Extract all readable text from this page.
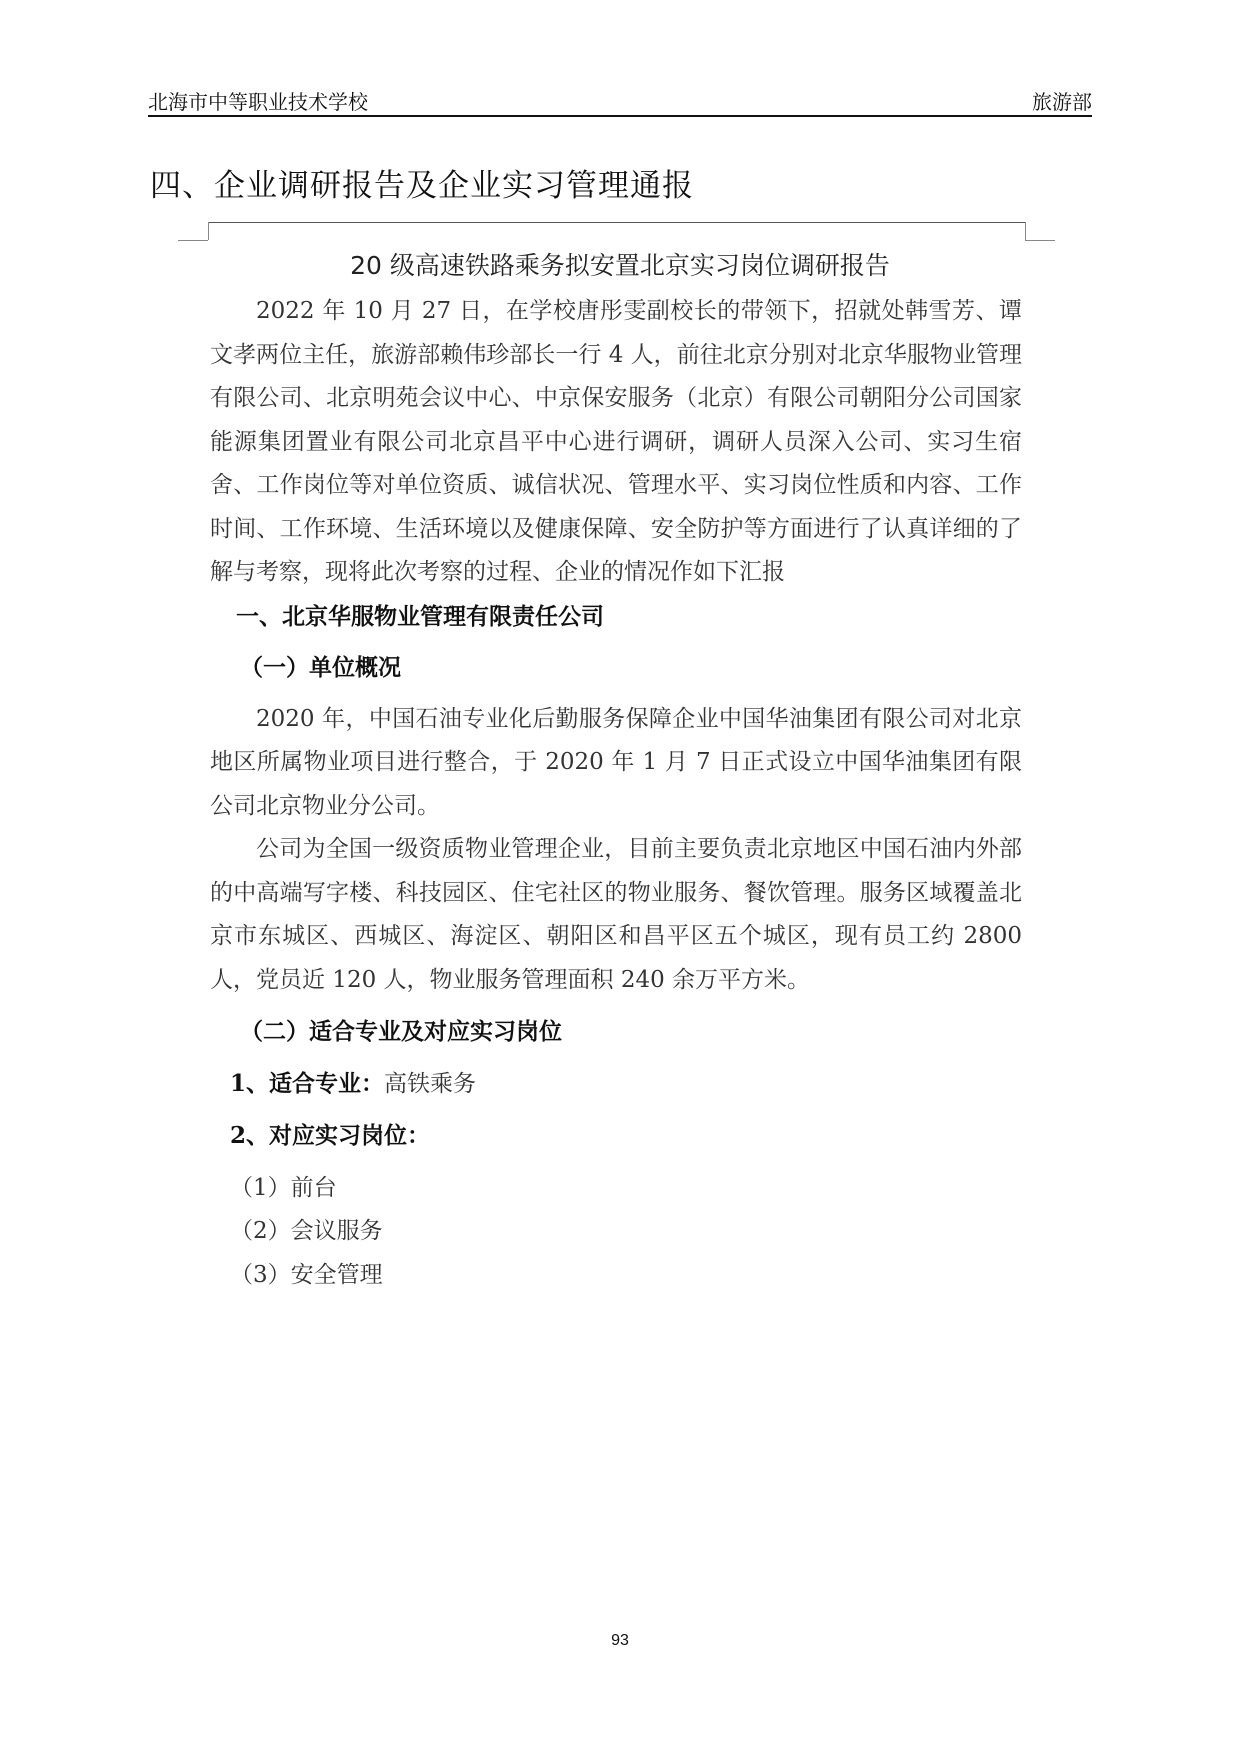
北海市中等职业技术学校	旅游部
四、企业调研报告及企业实习管理通报
20 级高速铁路乘务拟安置北京实习岗位调研报告

2022 年 10 月 27 日，在学校唐彤雯副校长的带领下，招就处韩雪芳、谭文孝两位主任，旅游部赖伟珍部长一行 4 人，前往北京分别对北京华服物业管理有限公司、北京明苑会议中心、中京保安服务（北京）有限公司朝阳分公司国家能源集团置业有限公司北京昌平中心进行调研，调研人员深入公司、实习生宿舍、工作岗位等对单位资质、诚信状况、管理水平、实习岗位性质和内容、工作时间、工作环境、生活环境以及健康保障、安全防护等方面进行了认真详细的了解与考察，现将此次考察的过程、企业的情况作如下汇报

一、北京华服物业管理有限责任公司

（一）单位概况

2020 年，中国石油专业化后勤服务保障企业中国华油集团有限公司对北京地区所属物业项目进行整合，于 2020 年 1 月 7 日正式设立中国华油集团有限公司北京物业分公司。

公司为全国一级资质物业管理企业，目前主要负责北京地区中国石油内外部 的中高端写字楼、科技园区、住宅社区的物业服务、餐饮管理。服务区域覆盖北 京市东城区、西城区、海淀区、朝阳区和昌平区五个城区，现有员工约 2800 人，党员近 120 人，物业服务管理面积 240 余万平方米。

（二）适合专业及对应实习岗位

1、适合专业：高铁乘务

2、对应实习岗位：

（1）前台

（2）会议服务

（3）安全管理

93
